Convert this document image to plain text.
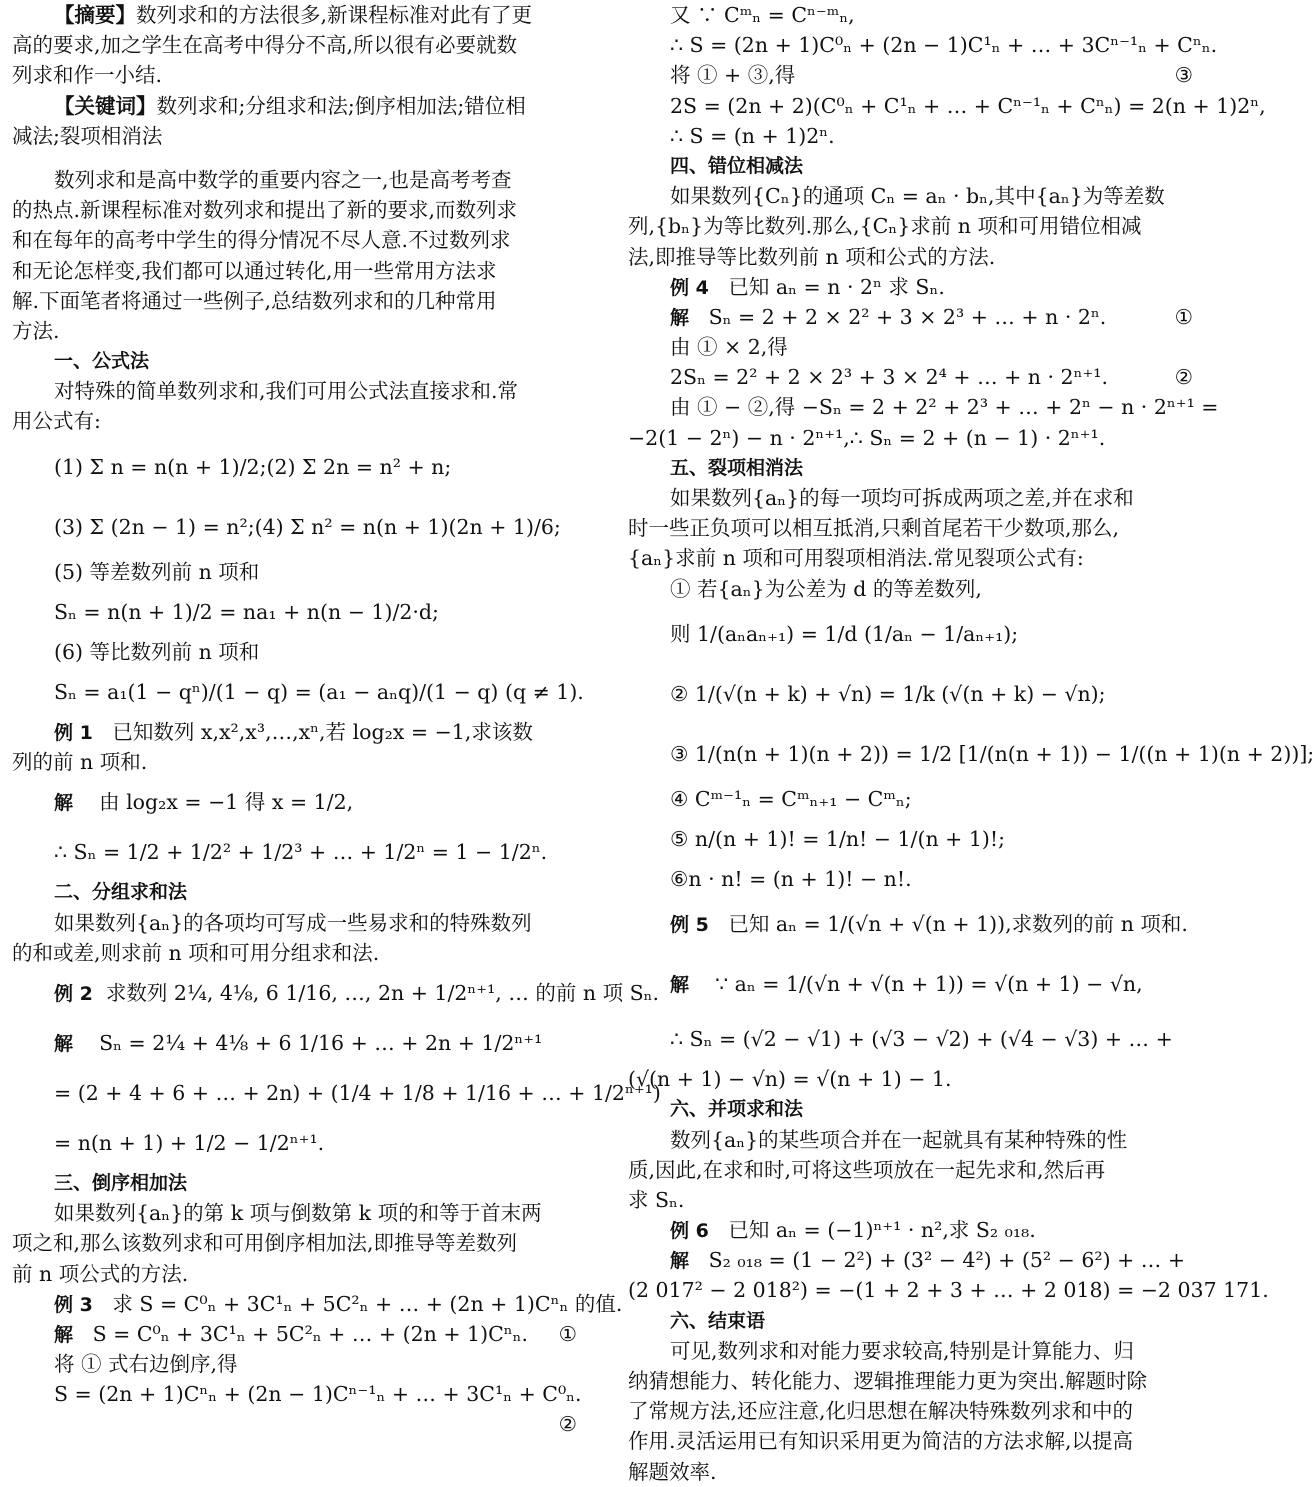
【摘要】数列求和的方法很多,新课程标准对此有了更
高的要求,加之学生在高考中得分不高,所以很有必要就数
列求和作一小结.
【关键词】数列求和;分组求和法;倒序相加法;错位相
减法;裂项相消法
数列求和是高中数学的重要内容之一,也是高考考查
的热点.新课程标准对数列求和提出了新的要求,而数列求
和在每年的高考中学生的得分情况不尽人意.不过数列求
和无论怎样变,我们都可以通过转化,用一些常用方法求
解.下面笔者将通过一些例子,总结数列求和的几种常用
方法.
一、公式法
对特殊的简单数列求和,我们可用公式法直接求和.常
用公式有:
(1) Σ n = n(n + 1)/2;(2) Σ 2n = n² + n;
(3) Σ (2n − 1) = n²;(4) Σ n² = n(n + 1)(2n + 1)/6;
(5) 等差数列前 n 项和
Sₙ = n(n + 1)/2 = na₁ + n(n − 1)/2·d;
(6) 等比数列前 n 项和
Sₙ = a₁(1 − qⁿ)/(1 − q) = (a₁ − aₙq)/(1 − q) (q ≠ 1).
例 1 已知数列 x,x²,x³,…,xⁿ,若 log₂x = −1,求该数
列的前 n 项和.
解 由 log₂x = −1 得 x = 1/2,
∴ Sₙ = 1/2 + 1/2² + 1/2³ + … + 1/2ⁿ = 1 − 1/2ⁿ.
二、分组求和法
如果数列{aₙ}的各项均可写成一些易求和的特殊数列
的和或差,则求前 n 项和可用分组求和法.
例 2 求数列 2¼, 4⅛, 6 1/16, …, 2n + 1/2ⁿ⁺¹, … 的前 n 项 Sₙ.
解 Sₙ = 2¼ + 4⅛ + 6 1/16 + … + 2n + 1/2ⁿ⁺¹
= (2 + 4 + 6 + … + 2n) + (1/4 + 1/8 + 1/16 + … + 1/2ⁿ⁺¹)
= n(n + 1) + 1/2 − 1/2ⁿ⁺¹.
三、倒序相加法
如果数列{aₙ}的第 k 项与倒数第 k 项的和等于首末两
项之和,那么该数列求和可用倒序相加法,即推导等差数列
前 n 项公式的方法.
例 3 求 S = C⁰ₙ + 3C¹ₙ + 5C²ₙ + … + (2n + 1)Cⁿₙ 的值.
解 S = C⁰ₙ + 3C¹ₙ + 5C²ₙ + … + (2n + 1)Cⁿₙ. ①
将 ① 式右边倒序,得
S = (2n + 1)Cⁿₙ + (2n − 1)Cⁿ⁻¹ₙ + … + 3C¹ₙ + C⁰ₙ.
②
又 ∵ Cᵐₙ = Cⁿ⁻ᵐₙ,
∴ S = (2n + 1)C⁰ₙ + (2n − 1)C¹ₙ + … + 3Cⁿ⁻¹ₙ + Cⁿₙ.
③
将 ① + ③,得
2S = (2n + 2)(C⁰ₙ + C¹ₙ + … + Cⁿ⁻¹ₙ + Cⁿₙ) = 2(n + 1)2ⁿ,
∴ S = (n + 1)2ⁿ.
四、错位相减法
如果数列{Cₙ}的通项 Cₙ = aₙ · bₙ,其中{aₙ}为等差数
列,{bₙ}为等比数列.那么,{Cₙ}求前 n 项和可用错位相减
法,即推导等比数列前 n 项和公式的方法.
例 4 已知 aₙ = n · 2ⁿ 求 Sₙ.
解 Sₙ = 2 + 2 × 2² + 3 × 2³ + … + n · 2ⁿ.	①
由 ① × 2,得
2Sₙ = 2² + 2 × 2³ + 3 × 2⁴ + … + n · 2ⁿ⁺¹.	②
由 ① − ②,得 −Sₙ = 2 + 2² + 2³ + … + 2ⁿ − n · 2ⁿ⁺¹ =
−2(1 − 2ⁿ) − n · 2ⁿ⁺¹,∴ Sₙ = 2 + (n − 1) · 2ⁿ⁺¹.
五、裂项相消法
如果数列{aₙ}的每一项均可拆成两项之差,并在求和
时一些正负项可以相互抵消,只剩首尾若干少数项,那么,
{aₙ}求前 n 项和可用裂项相消法.常见裂项公式有:
① 若{aₙ}为公差为 d 的等差数列,
则 1/(aₙaₙ₊₁) = 1/d (1/aₙ − 1/aₙ₊₁);
② 1/(√(n + k) + √n) = 1/k (√(n + k) − √n);
③ 1/(n(n + 1)(n + 2)) = 1/2 [1/(n(n + 1)) − 1/((n + 1)(n + 2))];
④ Cᵐ⁻¹ₙ = Cᵐₙ₊₁ − Cᵐₙ;
⑤ n/(n + 1)! = 1/n! − 1/(n + 1)!;
⑥n · n! = (n + 1)! − n!.
例 5 已知 aₙ = 1/(√n + √(n + 1)),求数列的前 n 项和.
解 ∵ aₙ = 1/(√n + √(n + 1)) = √(n + 1) − √n,
∴ Sₙ = (√2 − √1) + (√3 − √2) + (√4 − √3) + … +
(√(n + 1) − √n) = √(n + 1) − 1.
六、并项求和法
数列{aₙ}的某些项合并在一起就具有某种特殊的性
质,因此,在求和时,可将这些项放在一起先求和,然后再
求 Sₙ.
例 6 已知 aₙ = (−1)ⁿ⁺¹ · n²,求 S₂ ₀₁₈.
解 S₂ ₀₁₈ = (1 − 2²) + (3² − 4²) + (5² − 6²) + … +
(2 017² − 2 018²) = −(1 + 2 + 3 + … + 2 018) = −2 037 171.
六、结束语
可见,数列求和对能力要求较高,特别是计算能力、归
纳猜想能力、转化能力、逻辑推理能力更为突出.解题时除
了常规方法,还应注意,化归思想在解决特殊数列求和中的
作用.灵活运用已有知识采用更为简洁的方法求解,以提高
解题效率.
